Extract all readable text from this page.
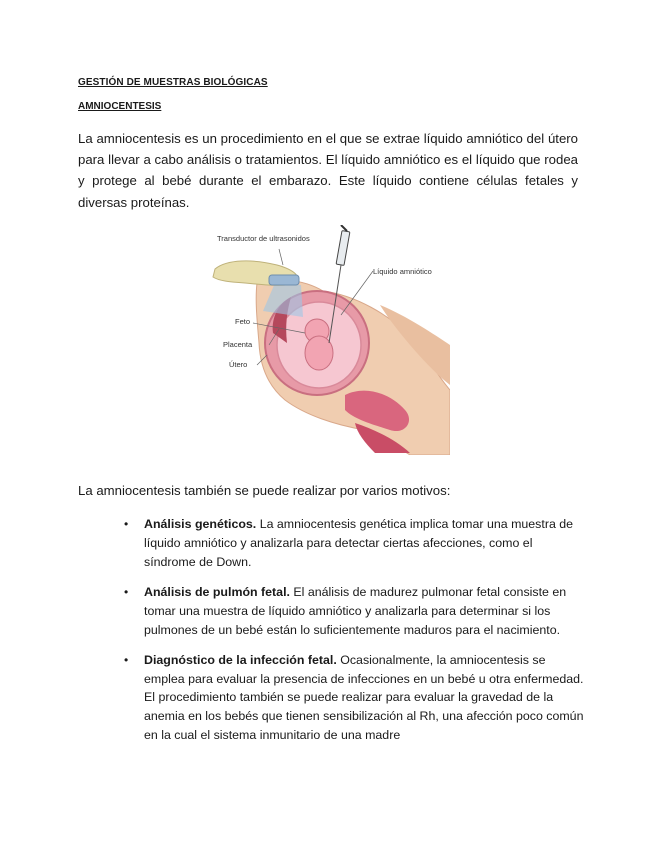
GESTIÓN DE MUESTRAS BIOLÓGICAS

AMNIOCENTESIS

La amniocentesis es un procedimiento en el que se extrae líquido amniótico del útero para llevar a cabo análisis o tratamientos. El líquido amniótico es el líquido que rodea y protege al bebé durante el embarazo. Este líquido contiene células fetales y diversas proteínas.

Transductor de ultrasonidos
Líquido amniótico
Feto
Placenta
Útero

La amniocentesis también se puede realizar por varios motivos:

• Análisis genéticos. La amniocentesis genética implica tomar una muestra de líquido amniótico y analizarla para detectar ciertas afecciones, como el síndrome de Down.
• Análisis de pulmón fetal. El análisis de madurez pulmonar fetal consiste en tomar una muestra de líquido amniótico y analizarla para determinar si los pulmones de un bebé están lo suficientemente maduros para el nacimiento.
• Diagnóstico de la infección fetal. Ocasionalmente, la amniocentesis se emplea para evaluar la presencia de infecciones en un bebé u otra enfermedad. El procedimiento también se puede realizar para evaluar la gravedad de la anemia en los bebés que tienen sensibilización al Rh, una afección poco común en la cual el sistema inmunitario de una madre
